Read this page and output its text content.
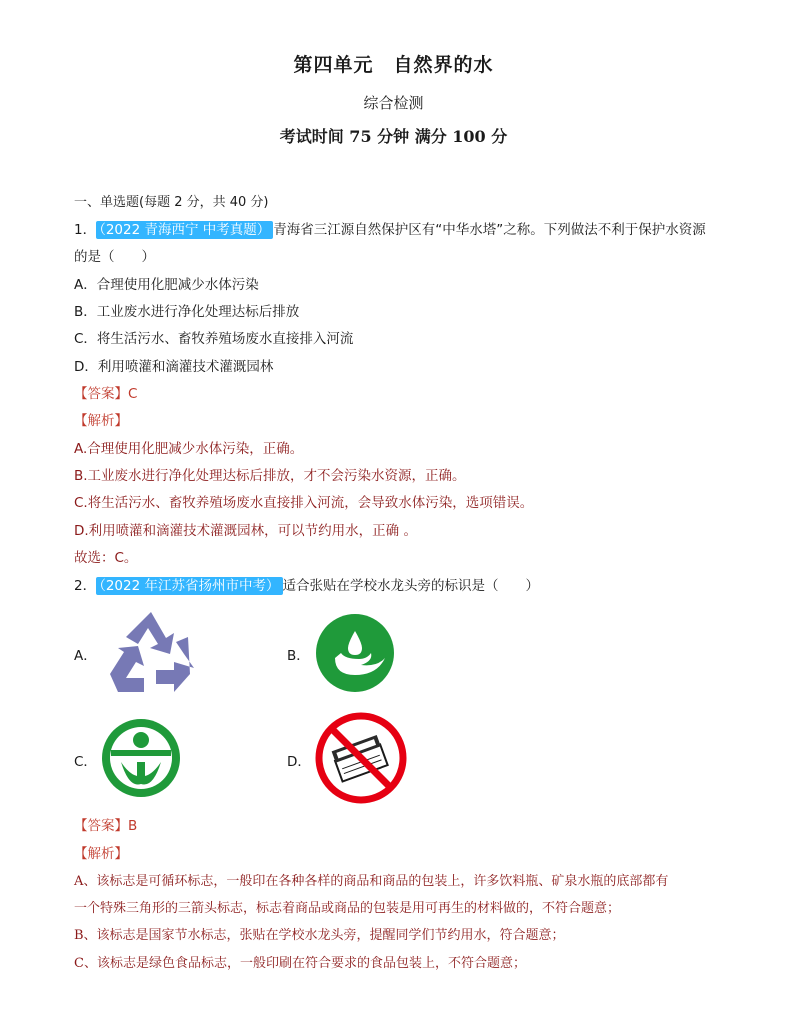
第四单元　自然界的水
综合检测
考试时间 75 分钟 满分 100 分
一、单选题(每题 2 分，共 40 分)
1． （2022 青海西宁 中考真题） 青海省三江源自然保护区有“中华水塔”之称。下列做法不利于保护水资源
的是（　　）
A．合理使用化肥减少水体污染
B．工业废水进行净化处理达标后排放
C．将生活污水、畜牧养殖场废水直接排入河流
D．利用喷灌和滴灌技术灌溉园林
【答案】C
【解析】
A.合理使用化肥减少水体污染，正确。
B.工业废水进行净化处理达标后排放，才不会污染水资源，正确。
C.将生活污水、畜牧养殖场废水直接排入河流，会导致水体污染，选项错误。
D.利用喷灌和滴灌技术灌溉园林，可以节约用水，正确 。
故选：C。
2． （2022 年江苏省扬州市中考） 适合张贴在学校水龙头旁的标识是（　　）
A．	B．
C．	D．
【答案】B
【解析】
A、该标志是可循环标志，一般印在各种各样的商品和商品的包装上，许多饮料瓶、矿泉水瓶的底部都有
一个特殊三角形的三箭头标志，标志着商品或商品的包装是用可再生的材料做的，不符合题意；
B、该标志是国家节水标志，张贴在学校水龙头旁，提醒同学们节约用水，符合题意；
C、该标志是绿色食品标志，一般印刷在符合要求的食品包装上，不符合题意；
